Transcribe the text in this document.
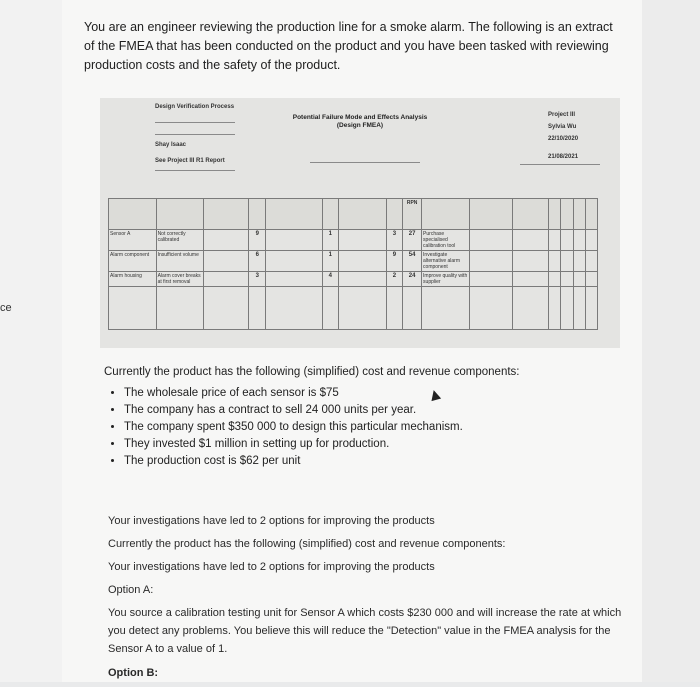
ce
You are an engineer reviewing the production line for a smoke alarm. The following is an extract of the FMEA that has been conducted on the product and you have been tasked with reviewing production costs and the safety of the product.
Design Verification Process
Shay Isaac
See Project III R1 Report
Potential Failure Mode and Effects Analysis (Design FMEA)
Project III
Sylvia Wu
22/10/2020
21/08/2021
								RPN							
Sensor A	Not correctly calibrated		9		1		3	27	Purchase specialised calibration tool						
Alarm component	Insufficient volume		6		1		9	54	Investigate alternative alarm component						
Alarm housing	Alarm cover breaks at first removal		3		4		2	24	Improve quality with supplier						

Currently the product has the following (simplified) cost and revenue components:
• The wholesale price of each sensor is $75
• The company has a contract to sell 24 000 units per year.
• The company spent $350 000 to design this particular mechanism.
• They invested $1 million in setting up for production.
• The production cost is $62 per unit

Your investigations have led to 2 options for improving the products

Currently the product has the following (simplified) cost and revenue components:

Your investigations have led to 2 options for improving the products

Option A:

You source a calibration testing unit for Sensor A which costs $230 000 and will increase the rate at which you detect any problems. You believe this will reduce the "Detection" value in the FMEA analysis for the Sensor A to a value of 1.

Option B:
